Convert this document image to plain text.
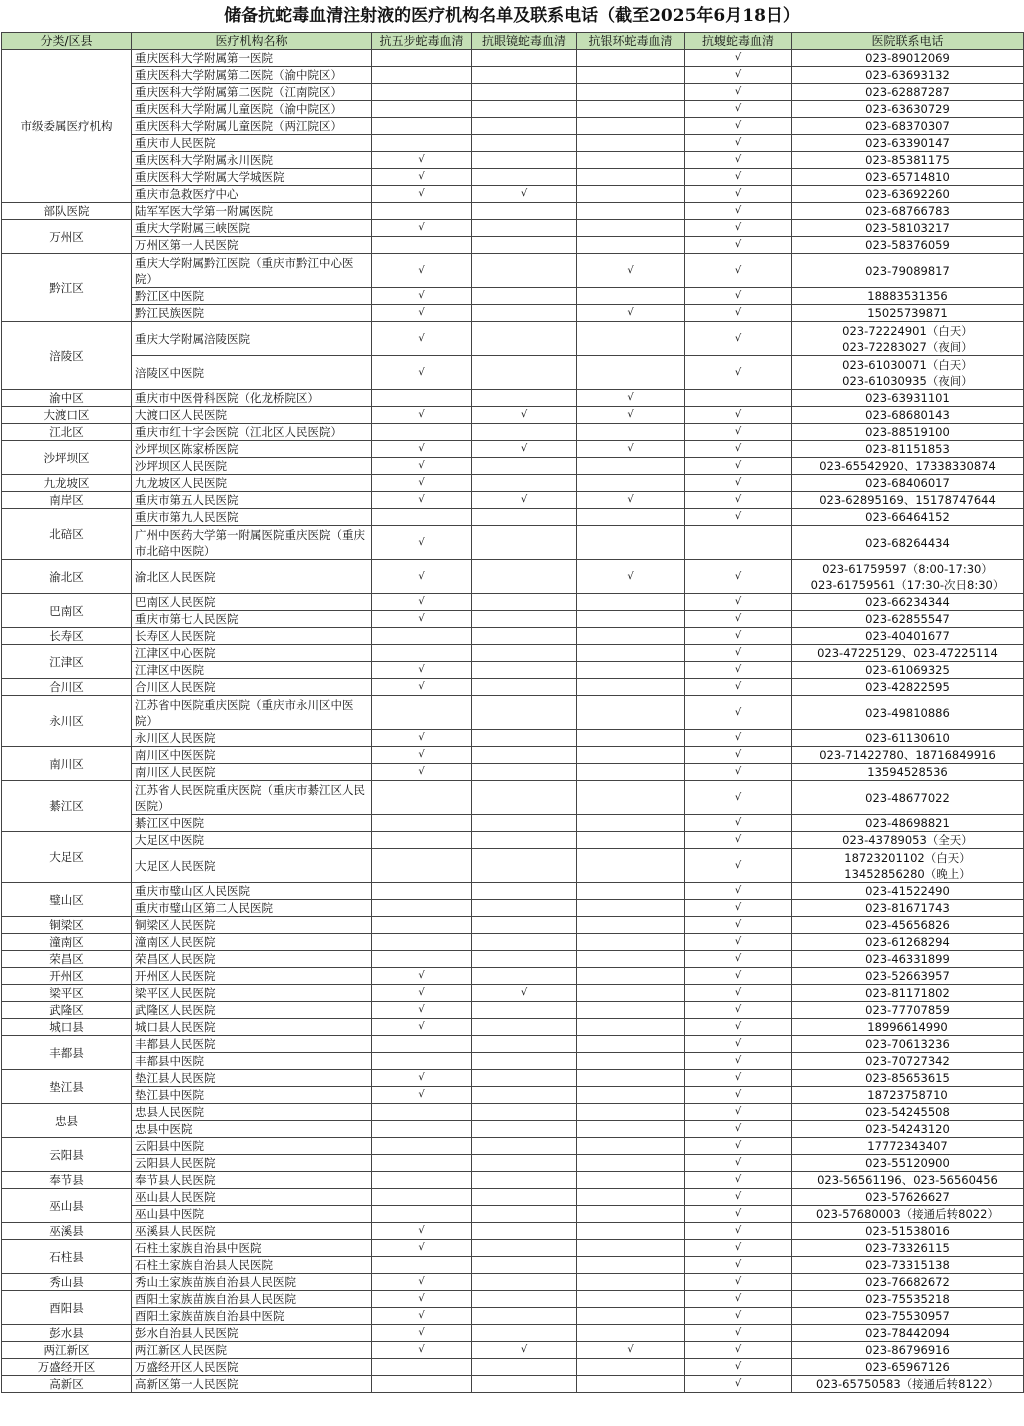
储备抗蛇毒血清注射液的医疗机构名单及联系电话（截至2025年6月18日）
分类/区县	医疗机构名称	抗五步蛇毒血清	抗眼镜蛇毒血清	抗银环蛇毒血清	抗蝮蛇毒血清	医院联系电话
市级委属医疗机构	重庆医科大学附属第一医院				√	023-89012069

	重庆医科大学附属第二医院（渝中院区）				√	023-63693132

	重庆医科大学附属第二医院（江南院区）				√	023-62887287

	重庆医科大学附属儿童医院（渝中院区）				√	023-63630729

	重庆医科大学附属儿童医院（两江院区）				√	023-68370307

	重庆市人民医院				√	023-63390147

	重庆医科大学附属永川医院	√			√	023-85381175

	重庆医科大学附属大学城医院	√			√	023-65714810

	重庆市急救医疗中心	√	√		√	023-63692260

部队医院	陆军军医大学第一附属医院				√	023-68766783

万州区	重庆大学附属三峡医院	√			√	023-58103217

	万州区第一人民医院				√	023-58376059

黔江区	重庆大学附属黔江医院（重庆市黔江中心医院）	√		√	√	023-79089817

	黔江区中医院	√			√	18883531356

	黔江民族医院	√		√	√	15025739871

涪陵区	重庆大学附属涪陵医院	√			√	023-72224901（白天）
023-72283027（夜间）

	涪陵区中医院	√			√	023-61030071（白天）
023-61030935（夜间）

渝中区	重庆市中医骨科医院（化龙桥院区）			√		023-63931101

大渡口区	大渡口区人民医院	√	√	√	√	023-68680143

江北区	重庆市红十字会医院（江北区人民医院）				√	023-88519100

沙坪坝区	沙坪坝区陈家桥医院	√	√	√	√	023-81151853

	沙坪坝区人民医院	√			√	023-65542920、17338330874

九龙坡区	九龙坡区人民医院	√			√	023-68406017

南岸区	重庆市第五人民医院	√	√	√	√	023-62895169、15178747644

北碚区	重庆市第九人民医院				√	023-66464152

	广州中医药大学第一附属医院重庆医院（重庆市北碚中医院）	√				023-68264434

渝北区	渝北区人民医院	√		√	√	023-61759597（8:00-17:30）
023-61759561（17:30-次日8:30）

巴南区	巴南区人民医院	√			√	023-66234344

	重庆市第七人民医院	√			√	023-62855547

长寿区	长寿区人民医院				√	023-40401677

江津区	江津区中心医院				√	023-47225129、023-47225114

	江津区中医院	√			√	023-61069325

合川区	合川区人民医院	√			√	023-42822595

永川区	江苏省中医院重庆医院（重庆市永川区中医院）				√	023-49810886

	永川区人民医院	√			√	023-61130610

南川区	南川区中医医院	√			√	023-71422780、18716849916

	南川区人民医院	√			√	13594528536

綦江区	江苏省人民医院重庆医院（重庆市綦江区人民医院）				√	023-48677022

	綦江区中医院				√	023-48698821

大足区	大足区中医院				√	023-43789053（全天）

	大足区人民医院				√	18723201102（白天）
13452856280（晚上）

璧山区	重庆市璧山区人民医院				√	023-41522490

	重庆市璧山区第二人民医院				√	023-81671743

铜梁区	铜梁区人民医院				√	023-45656826

潼南区	潼南区人民医院				√	023-61268294

荣昌区	荣昌区人民医院				√	023-46331899

开州区	开州区人民医院	√			√	023-52663957

梁平区	梁平区人民医院	√	√		√	023-81171802

武隆区	武隆区人民医院	√			√	023-77707859

城口县	城口县人民医院	√			√	18996614990

丰都县	丰都县人民医院				√	023-70613236

	丰都县中医院				√	023-70727342

垫江县	垫江县人民医院	√			√	023-85653615

	垫江县中医院	√			√	18723758710

忠县	忠县人民医院				√	023-54245508

	忠县中医院				√	023-54243120

云阳县	云阳县中医院				√	17772343407

	云阳县人民医院				√	023-55120900

奉节县	奉节县人民医院				√	023-56561196、023-56560456

巫山县	巫山县人民医院				√	023-57626627

	巫山县中医院				√	023-57680003（接通后转8022）

巫溪县	巫溪县人民医院	√			√	023-51538016

石柱县	石柱土家族自治县中医院	√			√	023-73326115

	石柱土家族自治县人民医院				√	023-73315138

秀山县	秀山土家族苗族自治县人民医院	√			√	023-76682672

酉阳县	酉阳土家族苗族自治县人民医院	√			√	023-75535218

	酉阳土家族苗族自治县中医院	√			√	023-75530957

彭水县	彭水自治县人民医院	√			√	023-78442094

两江新区	两江新区人民医院	√	√	√	√	023-86796916

万盛经开区	万盛经开区人民医院				√	023-65967126

高新区	高新区第一人民医院				√	023-65750583（接通后转8122）
